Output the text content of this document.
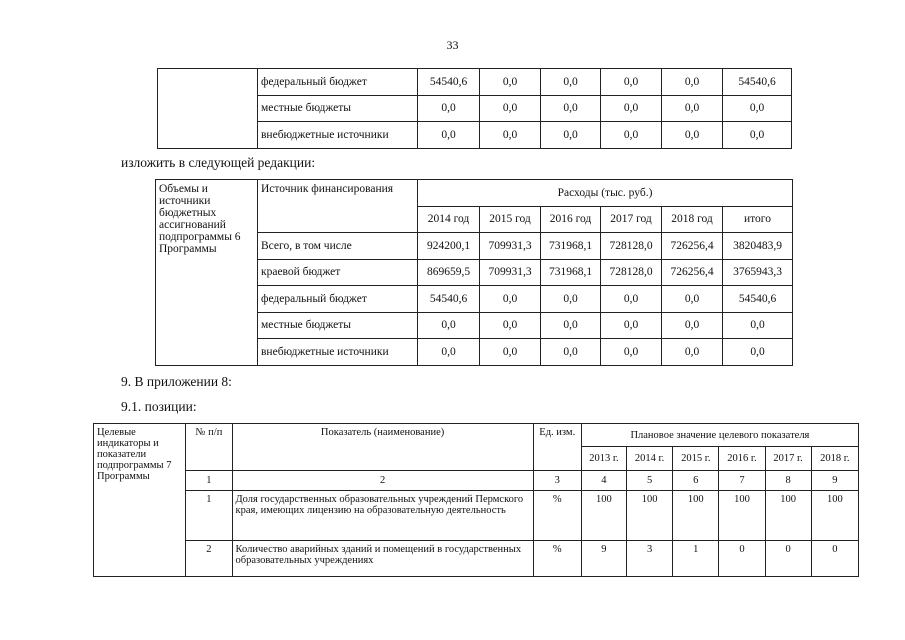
33
	федеральный бюджет	54540,6	0,0	0,0	0,0	0,0	54540,6
	местные бюджеты	0,0	0,0	0,0	0,0	0,0	0,0
	внебюджетные источники	0,0	0,0	0,0	0,0	0,0	0,0
изложить в следующей редакции:
Объемы и источники бюджетных ассигнований подпрограммы 6 Программы	Источник финансирования	Расходы (тыс. руб.)					
		2014 год	2015 год	2016 год	2017 год	2018 год	итого
	Всего, в том числе	924200,1	709931,3	731968,1	728128,0	726256,4	3820483,9
	краевой бюджет	869659,5	709931,3	731968,1	728128,0	726256,4	3765943,3
	федеральный бюджет	54540,6	0,0	0,0	0,0	0,0	54540,6
	местные бюджеты	0,0	0,0	0,0	0,0	0,0	0,0
	внебюджетные источники	0,0	0,0	0,0	0,0	0,0	0,0
9. В приложении 8:
9.1. позиции:
Целевые индикаторы и показатели подпрограммы 7 Программы	№ п/п	Показатель (наименование)	Ед. изм.	Плановое значение целевого показателя					
				2013 г.	2014 г.	2015 г.	2016 г.	2017 г.	2018 г.
	1	2	3	4	5	6	7	8	9
	1	Доля государственных образовательных учреждений Пермского края, имеющих лицензию на образовательную деятельность	%	100	100	100	100	100	100
	2	Количество аварийных зданий и помещений в государственных образовательных учреждениях	%	9	3	1	0	0	0
